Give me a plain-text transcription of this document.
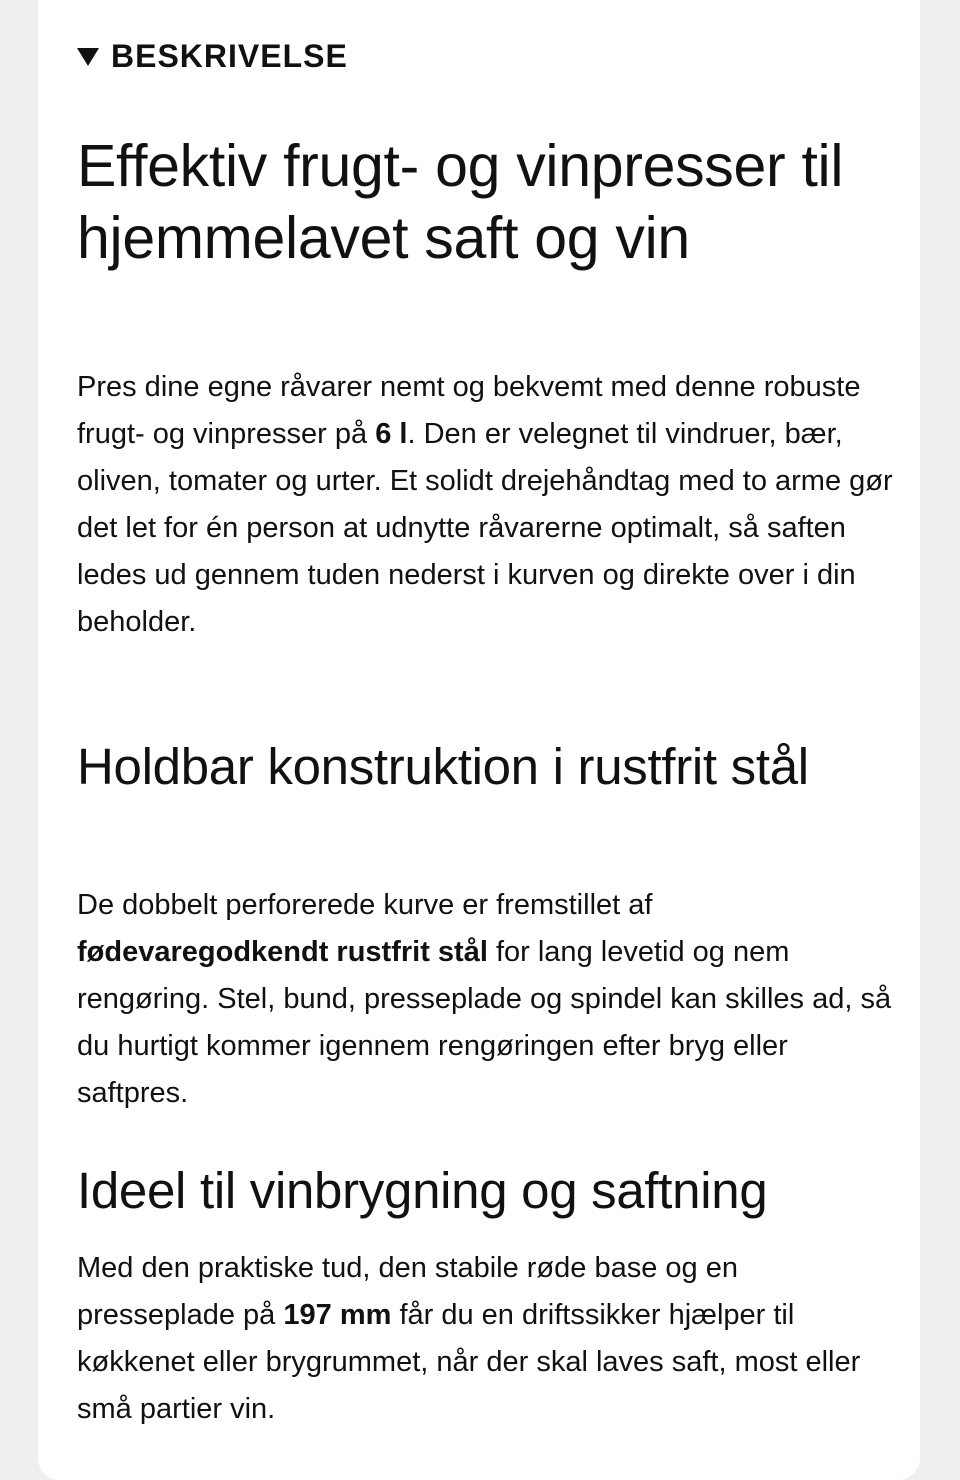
BESKRIVELSE
Effektiv frugt- og vinpresser til hjemmelavet saft og vin

Pres dine egne råvarer nemt og bekvemt med denne robuste frugt- og vinpresser på 6 l. Den er velegnet til vindruer, bær, oliven, tomater og urter. Et solidt drejehåndtag med to arme gør det let for én person at udnytte råvarerne optimalt, så saften ledes ud gennem tuden nederst i kurven og direkte over i din beholder.

Holdbar konstruktion i rustfrit stål

De dobbelt perforerede kurve er fremstillet af fødevaregodkendt rustfrit stål for lang levetid og nem rengøring. Stel, bund, presseplade og spindel kan skilles ad, så du hurtigt kommer igennem rengøringen efter bryg eller saftpres.

Ideel til vinbrygning og saftning

Med den praktiske tud, den stabile røde base og en presseplade på 197 mm får du en driftssikker hjælper til køkkenet eller brygrummet, når der skal laves saft, most eller små partier vin.
